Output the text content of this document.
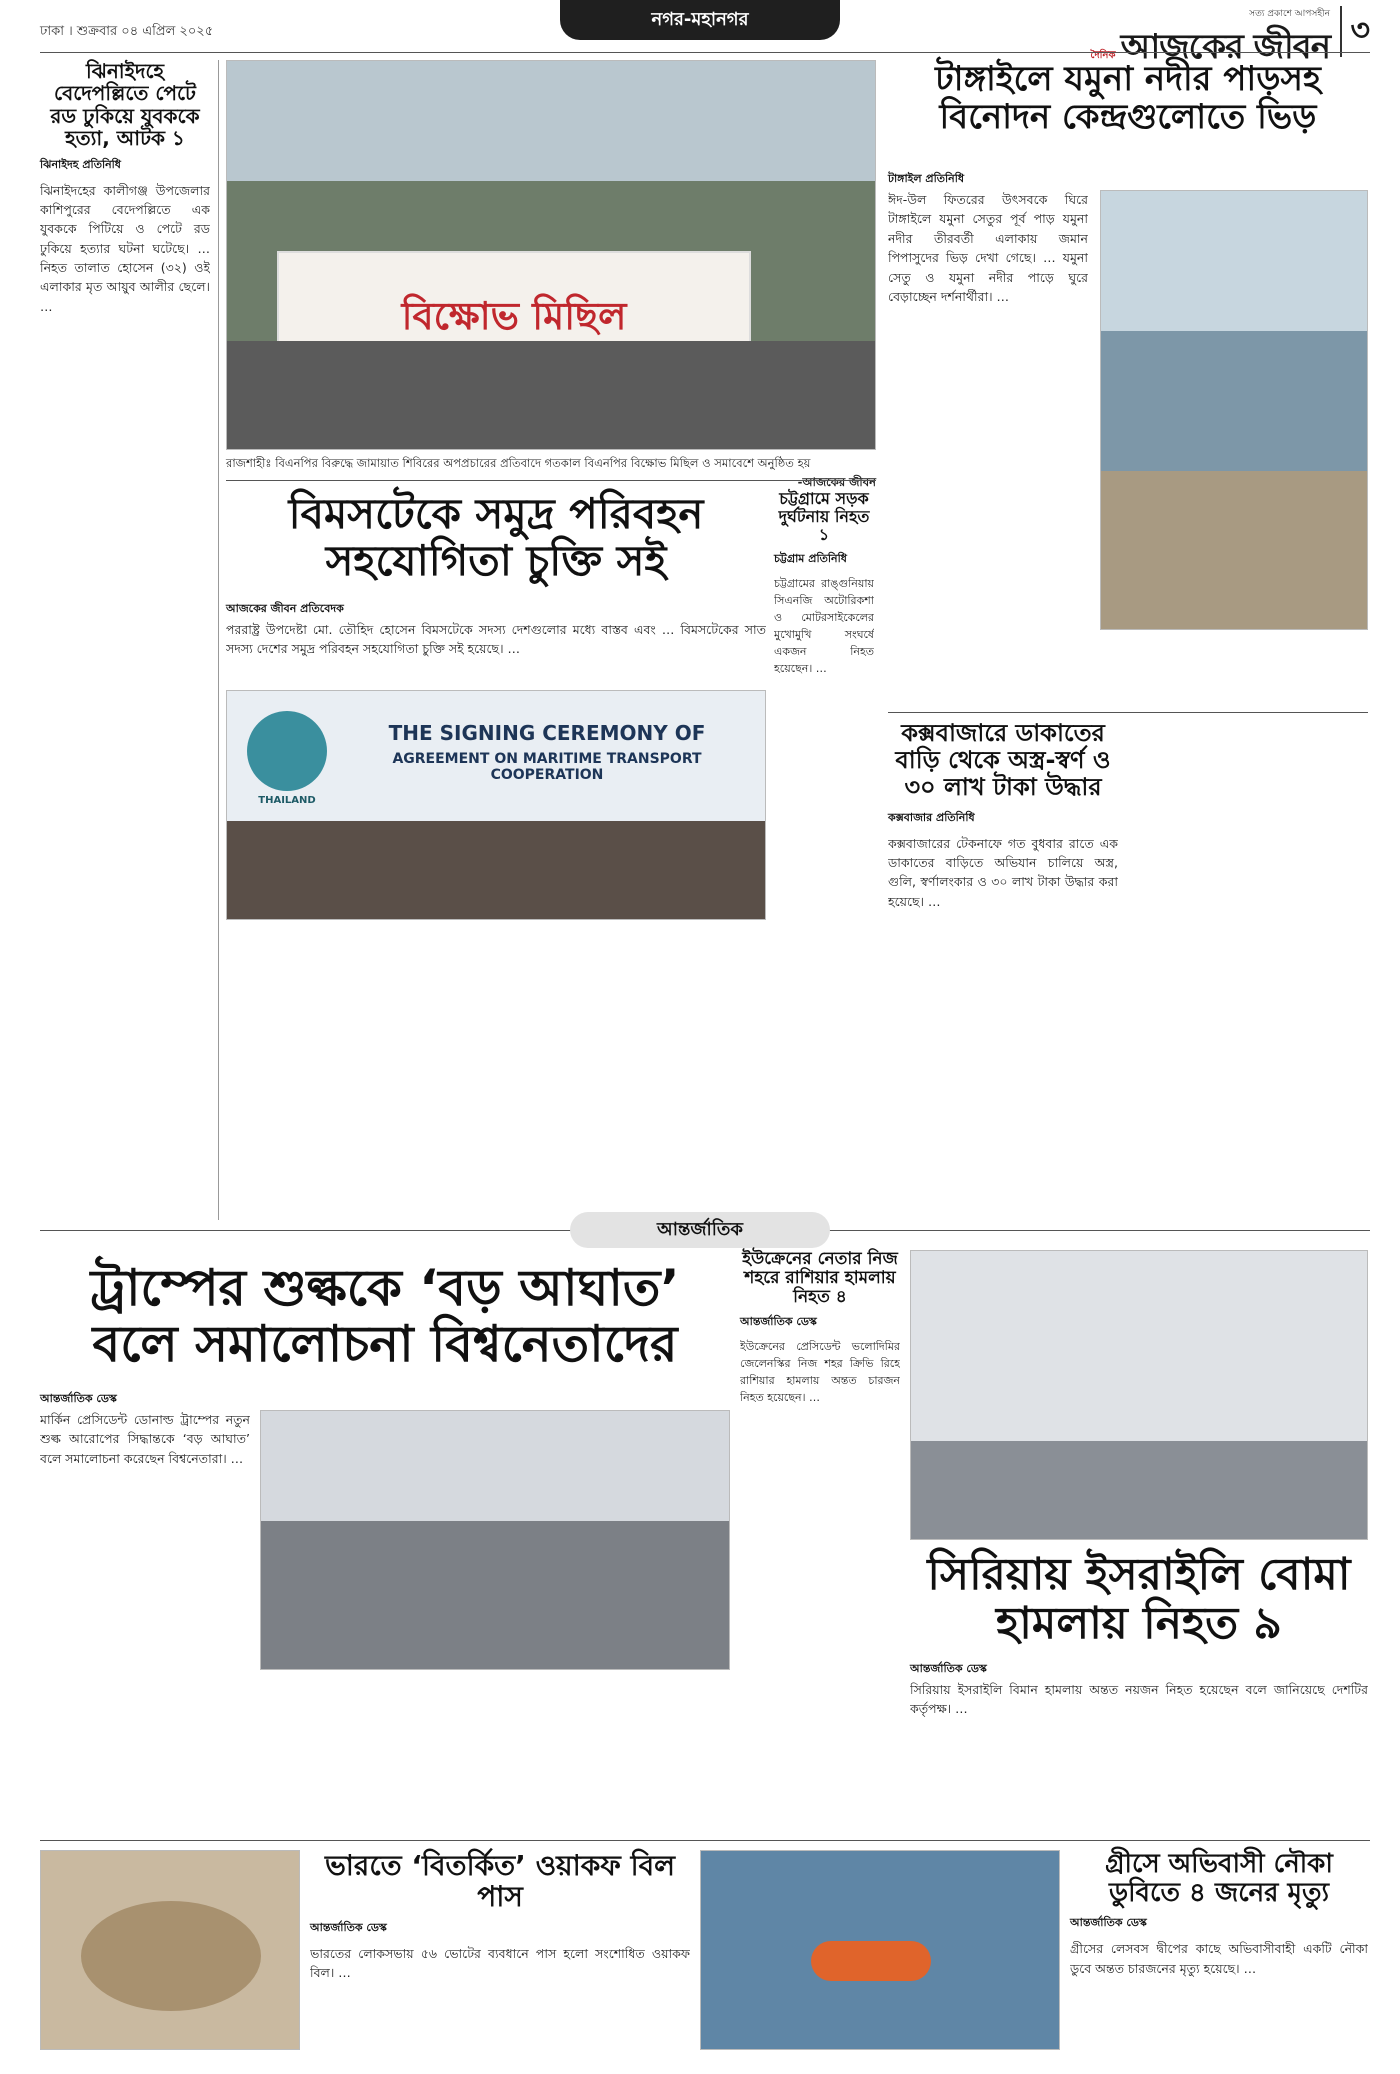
ঢাকা । শুক্রবার ০৪ এপ্রিল ২০২৫
নগর-মহানগর	সত্য প্রকাশে আপসহীন
দৈনিক আজকের জীবন ৩
ঝিনাইদহে বেদেপল্লিতে পেটে রড ঢুকিয়ে যুবককে হত্যা, আটক ১
ঝিনাইদহ প্রতিনিধি
ঝিনাইদহের কালীগঞ্জ উপজেলার কাশিপুরের বেদেপল্লিতে এক যুবককে পিটিয়ে ও পেটে রড ঢুকিয়ে হত্যার ঘটনা ঘটেছে। … নিহত তালাত হোসেন (৩২) ওই এলাকার মৃত আয়ুব আলীর ছেলে। …	বিক্ষোভ মিছিল
রাজশাহীঃ বিএনপির বিরুদ্ধে জামায়াত শিবিরের অপপ্রচারের প্রতিবাদে গতকাল বিএনপির বিক্ষোভ মিছিল ও সমাবেশে অনুষ্ঠিত হয়
-আজকের জীবন
টাঙ্গাইলে যমুনা নদীর পাড়সহ বিনোদন কেন্দ্রগুলোতে ভিড়
টাঙ্গাইল প্রতিনিধি
ঈদ-উল ফিতরের উৎসবকে ঘিরে টাঙ্গাইলে যমুনা সেতুর পূর্ব পাড় যমুনা নদীর তীরবর্তী এলাকায় জমান পিপাসুদের ভিড় দেখা গেছে। … যমুনা সেতু ও যমুনা নদীর পাড়ে ঘুরে বেড়াচ্ছেন দর্শনার্থীরা। …
বিমসটেকে সমুদ্র পরিবহন সহযোগিতা চুক্তি সই
আজকের জীবন প্রতিবেদক
পররাষ্ট্র উপদেষ্টা মো. তৌহিদ হোসেন বিমসটেকে সদস্য দেশগুলোর মধ্যে বাস্তব এবং … বিমসটেকের সাত সদস্য দেশের সমুদ্র পরিবহন সহযোগিতা চুক্তি সই হয়েছে। …
THAILAND
THE SIGNING CEREMONY OF
AGREEMENT ON MARITIME TRANSPORT COOPERATION
চট্টগ্রামে সড়ক দুর্ঘটনায় নিহত ১
চট্টগ্রাম প্রতিনিধি
চট্টগ্রামের রাঙ্গুনিয়ায় সিএনজি অটোরিকশা ও মোটরসাইকেলের মুখোমুখি সংঘর্ষে একজন নিহত হয়েছেন। …
কক্সবাজারে ডাকাতের বাড়ি থেকে অস্ত্র-স্বর্ণ ও ৩০ লাখ টাকা উদ্ধার
কক্সবাজার প্রতিনিধি
কক্সবাজারের টেকনাফে গত বুধবার রাতে এক ডাকাতের বাড়িতে অভিযান চালিয়ে অস্ত্র, গুলি, স্বর্ণালংকার ও ৩০ লাখ টাকা উদ্ধার করা হয়েছে। …
আন্তর্জাতিক
ট্রাম্পের শুল্ককে ‘বড় আঘাত’ বলে সমালোচনা বিশ্বনেতাদের
আন্তর্জাতিক ডেস্ক
মার্কিন প্রেসিডেন্ট ডোনাল্ড ট্রাম্পের নতুন শুল্ক আরোপের সিদ্ধান্তকে ‘বড় আঘাত’ বলে সমালোচনা করেছেন বিশ্বনেতারা। …
ইউক্রেনের নেতার নিজ শহরে রাশিয়ার হামলায় নিহত ৪
আন্তর্জাতিক ডেস্ক
ইউক্রেনের প্রেসিডেন্ট ভলোদিমির জেলেনস্কির নিজ শহর ক্রিভি রিহে রাশিয়ার হামলায় অন্তত চারজন নিহত হয়েছেন। …
সিরিয়ায় ইসরাইলি বোমা হামলায় নিহত ৯
আন্তর্জাতিক ডেস্ক
সিরিয়ায় ইসরাইলি বিমান হামলায় অন্তত নয়জন নিহত হয়েছেন বলে জানিয়েছে দেশটির কর্তৃপক্ষ। …
ভারতে ‘বিতর্কিত’ ওয়াকফ বিল পাস
আন্তর্জাতিক ডেস্ক
ভারতের লোকসভায় ৫৬ ভোটের ব্যবধানে পাস হলো সংশোধিত ওয়াকফ বিল। …
গ্রীসে অভিবাসী নৌকা ডুবিতে ৪ জনের মৃত্যু
আন্তর্জাতিক ডেস্ক
গ্রীসের লেসবস দ্বীপের কাছে অভিবাসীবাহী একটি নৌকা ডুবে অন্তত চারজনের মৃত্যু হয়েছে। …
